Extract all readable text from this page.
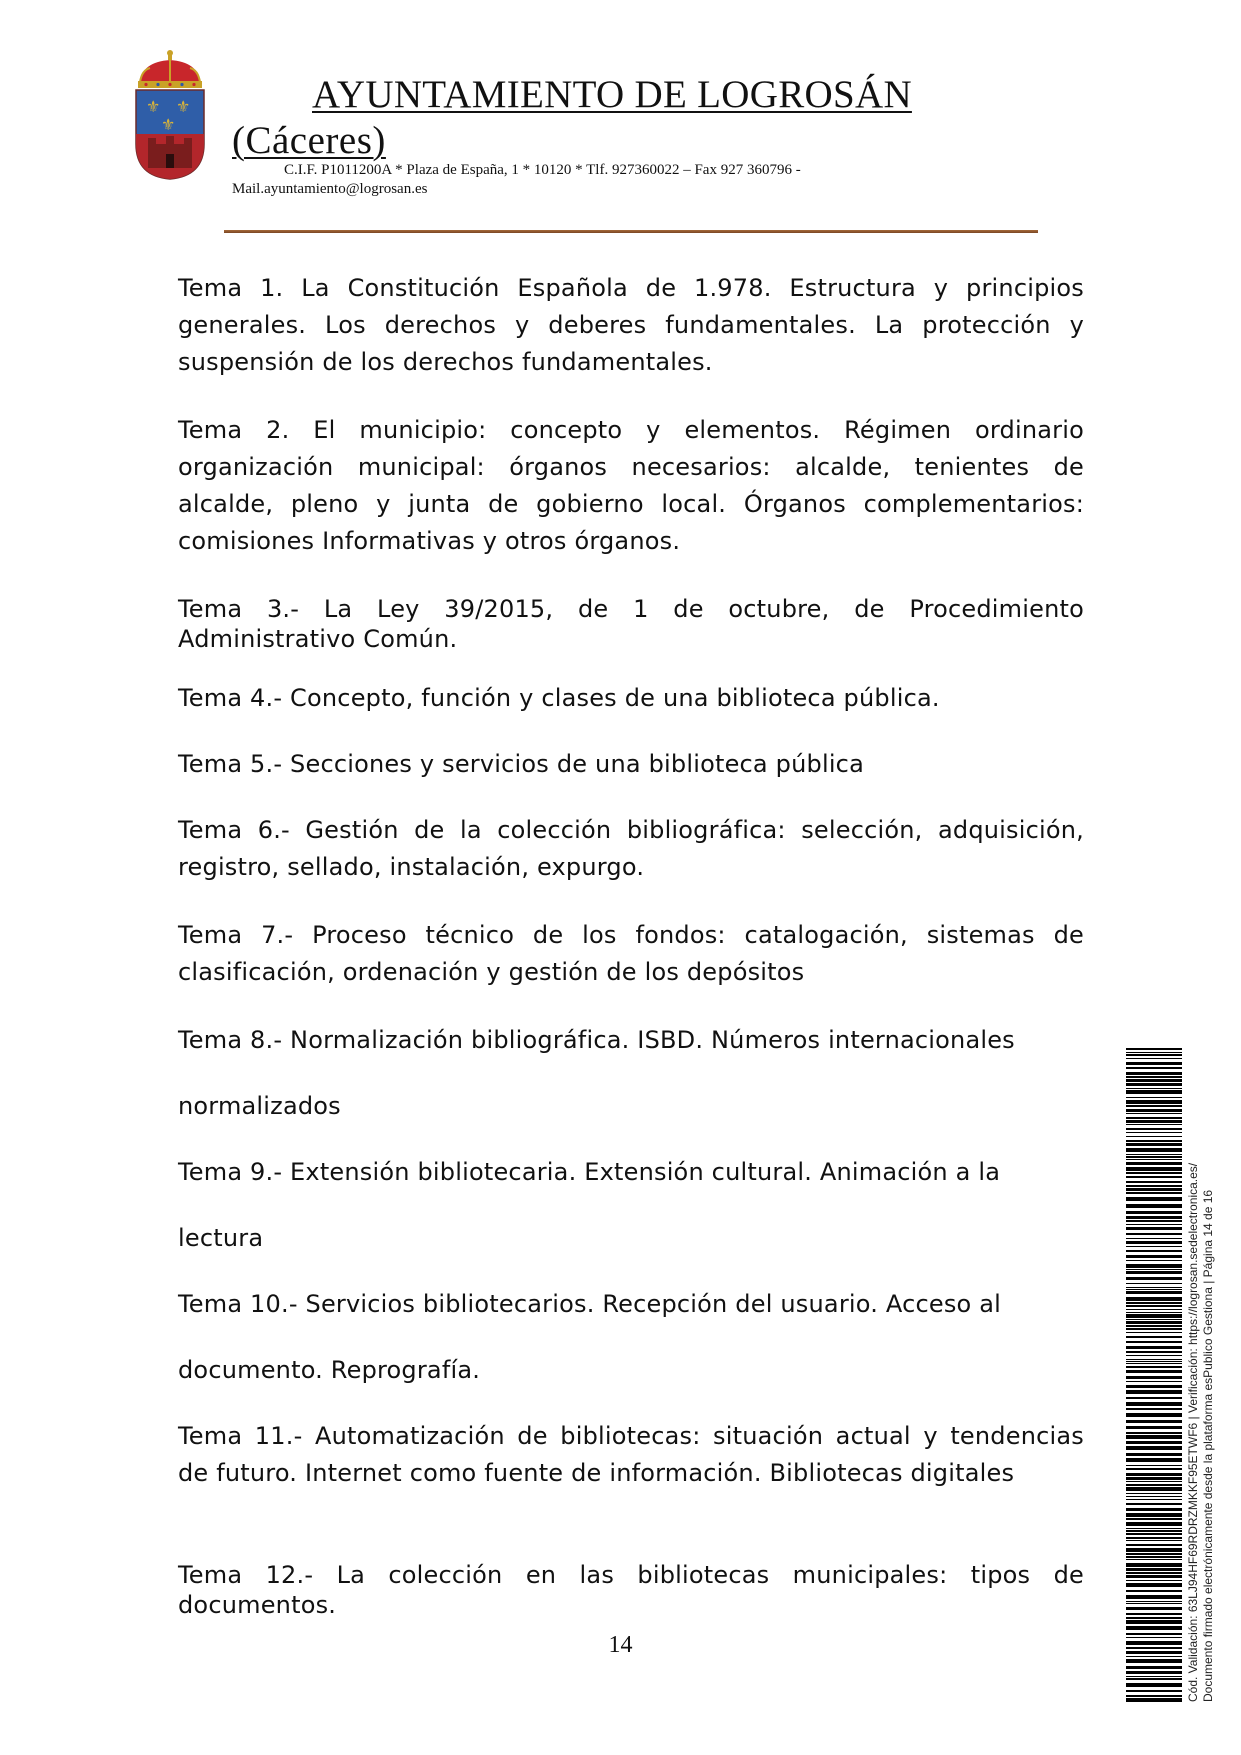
⚜ ⚜
⚜
AYUNTAMIENTO DE LOGROSÁN
(Cáceres)
C.I.F. P1011200A * Plaza de España, 1 * 10120 * Tlf. 927360022 – Fax 927 360796 -
Mail.ayuntamiento@logrosan.es

Tema 1. La Constitución Española de 1.978. Estructura y principios generales. Los derechos y deberes fundamentales. La protección y suspensión de los derechos fundamentales.

Tema 2. El municipio: concepto y elementos. Régimen ordinario organización municipal: órganos necesarios: alcalde, tenientes de alcalde, pleno y junta de gobierno local. Órganos complementarios: comisiones Informativas y otros órganos.

Tema 3.- La Ley 39/2015, de 1 de octubre, de Procedimiento Administrativo Común.

Tema 4.- Concepto, función y clases de una biblioteca pública.

Tema 5.- Secciones y servicios de una biblioteca pública

Tema 6.- Gestión de la colección bibliográfica: selección, adquisición, registro, sellado, instalación, expurgo.

Tema 7.- Proceso técnico de los fondos: catalogación, sistemas de clasificación, ordenación y gestión de los depósitos

Tema 8.- Normalización bibliográfica. ISBD. Números internacionales

normalizados

Tema 9.- Extensión bibliotecaria. Extensión cultural. Animación a la

lectura

Tema 10.- Servicios bibliotecarios. Recepción del usuario. Acceso al

documento. Reprografía.

Tema 11.- Automatización de bibliotecas: situación actual y tendencias de futuro. Internet como fuente de información. Bibliotecas digitales

Tema 12.- La colección en las bibliotecas municipales: tipos de documentos.

14	Cód. Validación: 63LJ94HF69RDRZMKKF95ETWF6 | Verificación: https://logrosan.sedelectronica.es/ Documento firmado electrónicamente desde la plataforma esPublico Gestiona | Página 14 de 16
